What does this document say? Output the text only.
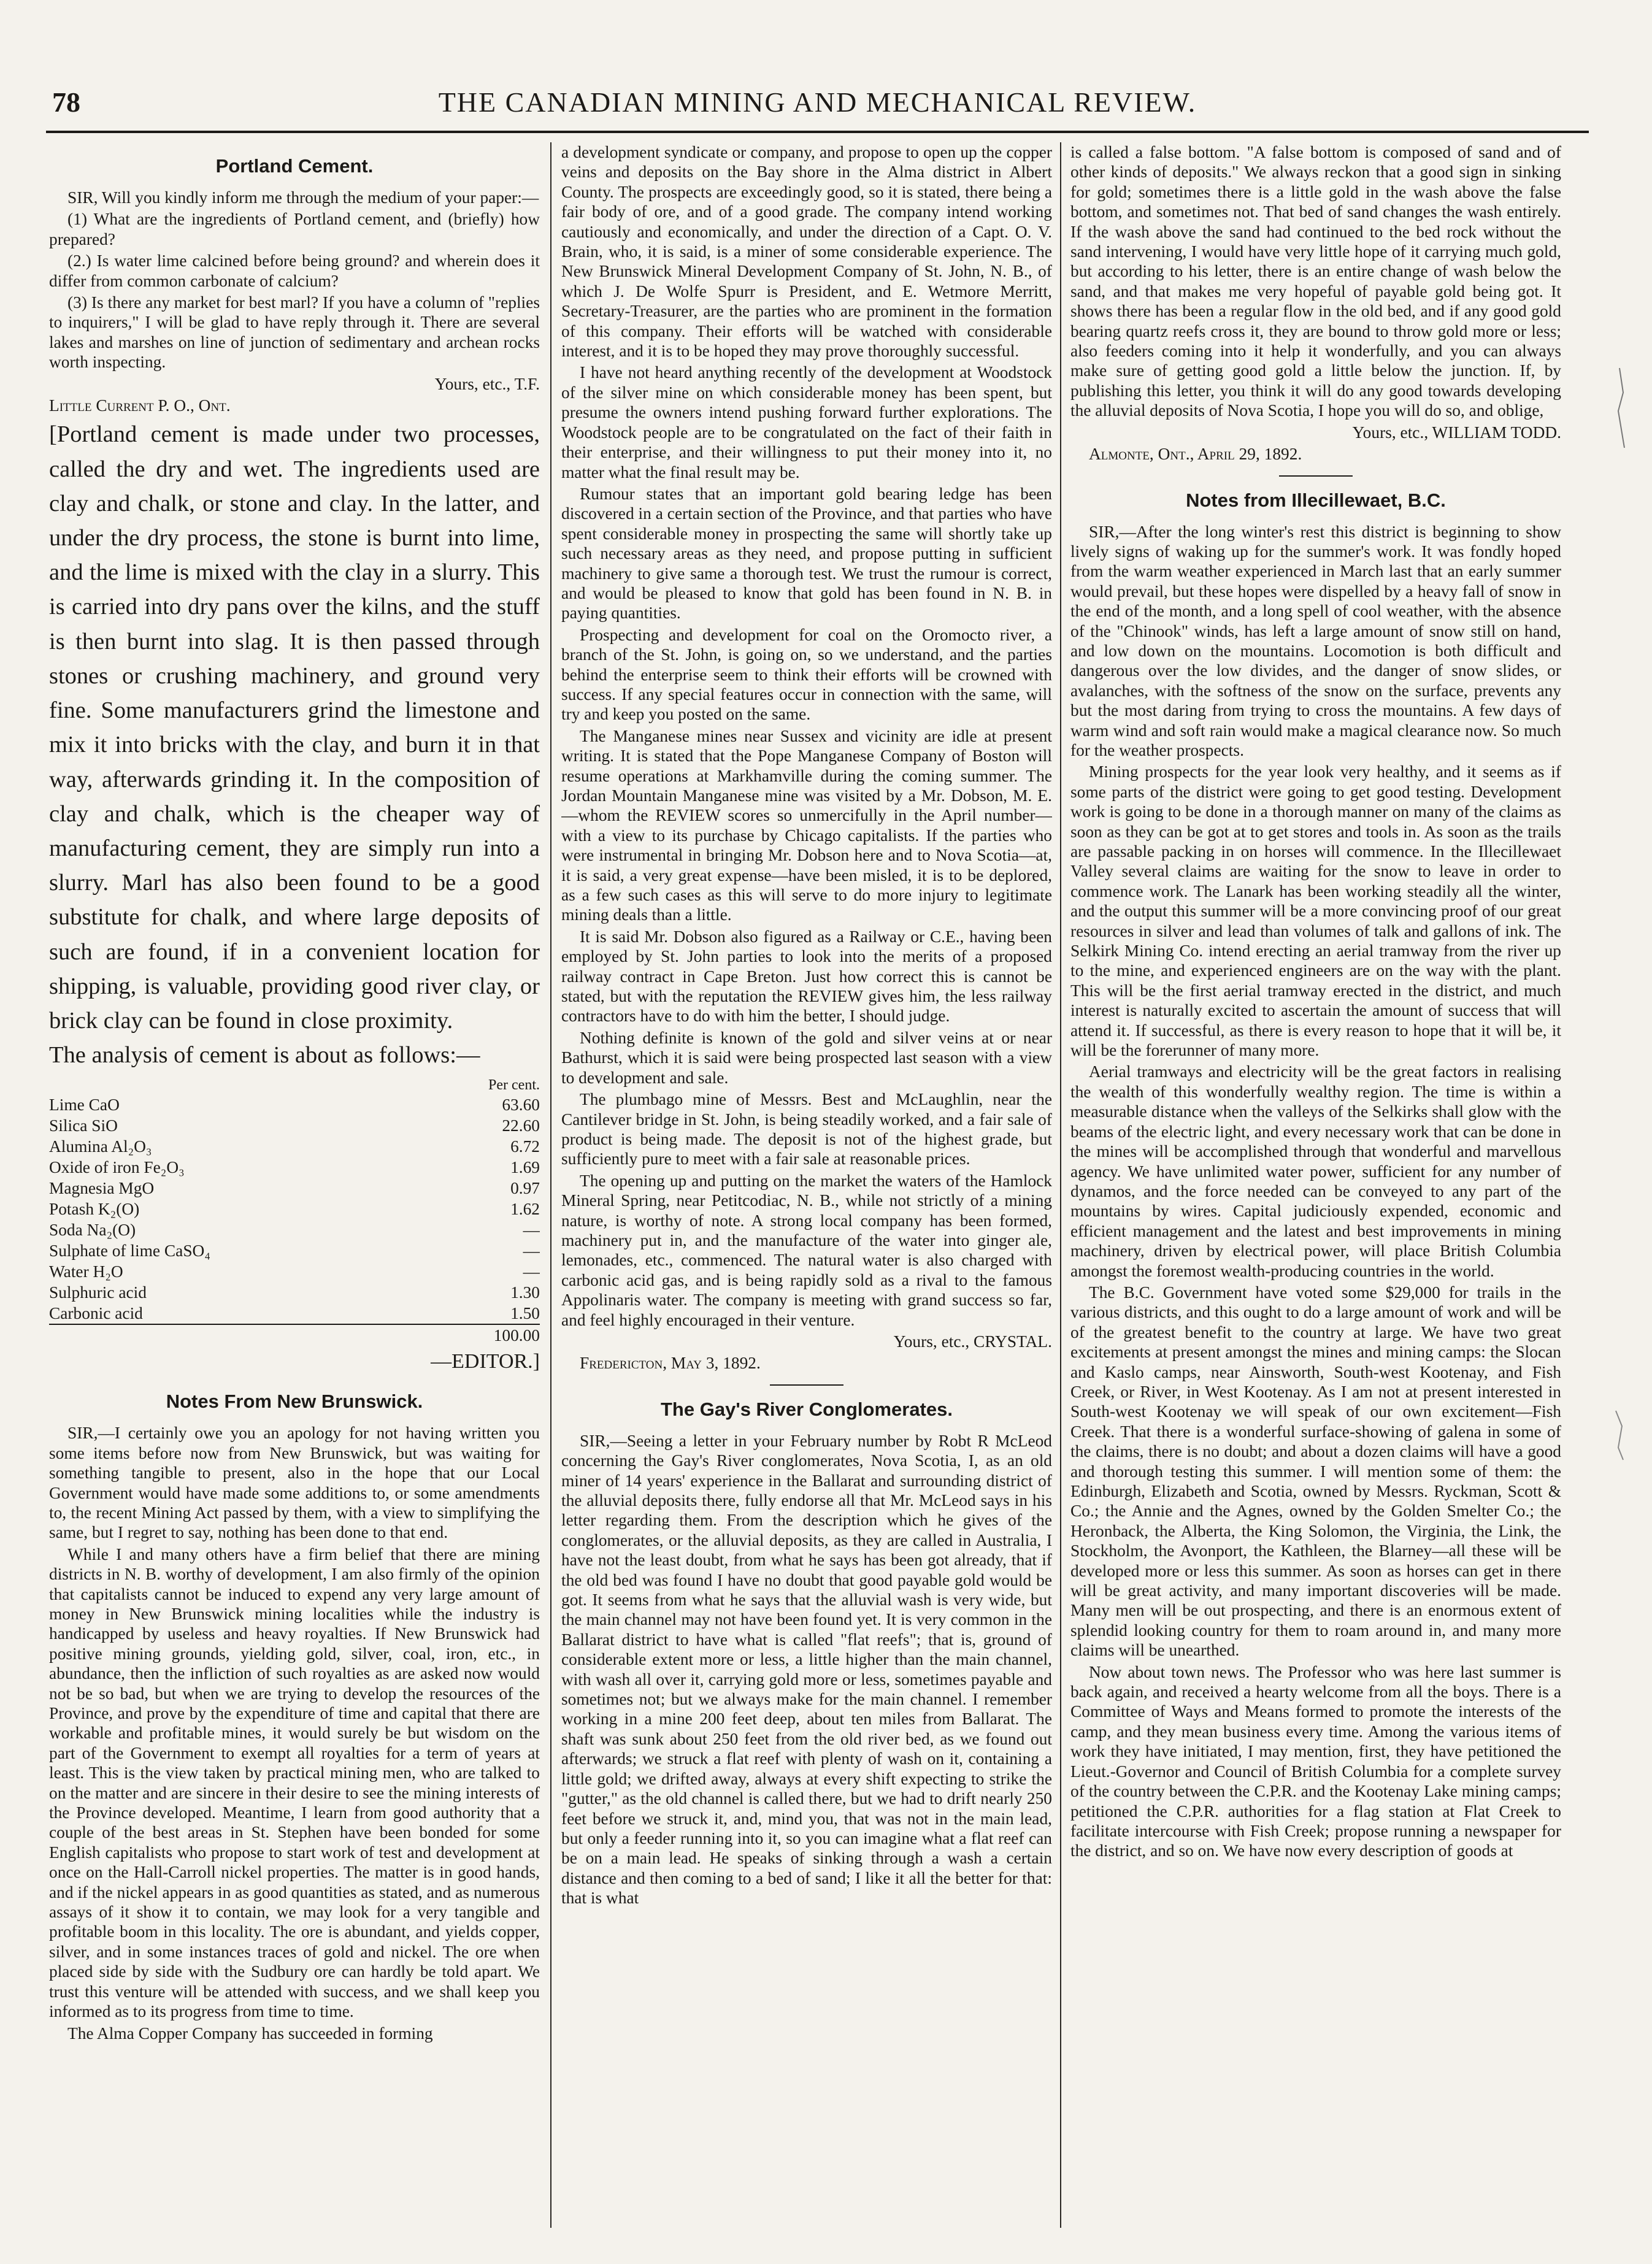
78	THE CANADIAN MINING AND MECHANICAL REVIEW.
Portland Cement.

SIR, Will you kindly inform me through the medium of your paper:—

(1) What are the ingredients of Portland cement, and (briefly) how prepared?

(2.) Is water lime calcined before being ground? and wherein does it differ from common carbonate of calcium?

(3) Is there any market for best marl? If you have a column of "replies to inquirers," I will be glad to have reply through it. There are several lakes and marshes on line of junction of sedimentary and archean rocks worth inspecting.

Yours, etc., T.F.

Little Current P. O., Ont.

[Portland cement is made under two processes, called the dry and wet. The ingredients used are clay and chalk, or stone and clay. In the latter, and under the dry process, the stone is burnt into lime, and the lime is mixed with the clay in a slurry. This is carried into dry pans over the kilns, and the stuff is then burnt into slag. It is then passed through stones or crushing machinery, and ground very fine. Some manufacturers grind the limestone and mix it into bricks with the clay, and burn it in that way, afterwards grinding it. In the composition of clay and chalk, which is the cheaper way of manufacturing cement, they are simply run into a slurry. Marl has also been found to be a good substitute for chalk, and where large deposits of such are found, if in a convenient location for shipping, is valuable, providing good river clay, or brick clay can be found in close proximity.

The analysis of cement is about as follows:—
Per cent.
Lime CaO	63.60
Silica SiO	22.60
Alumina Al₂O₃	6.72
Oxide of iron Fe₂O₃	1.69
Magnesia MgO	0.97
Potash K₂(O)	1.62
Soda Na₂(O)	—
Sulphate of lime CaSO₄	—
Water H₂O	—
Sulphuric acid	1.30
Carbonic acid	1.50
	100.00
—EDITOR.]
Notes From New Brunswick.

SIR,—I certainly owe you an apology for not having written you some items before now from New Brunswick, but was waiting for something tangible to present, also in the hope that our Local Government would have made some additions to, or some amendments to, the recent Mining Act passed by them, with a view to simplifying the same, but I regret to say, nothing has been done to that end.

While I and many others have a firm belief that there are mining districts in N. B. worthy of development, I am also firmly of the opinion that capitalists cannot be induced to expend any very large amount of money in New Brunswick mining localities while the industry is handicapped by useless and heavy royalties. If New Brunswick had positive mining grounds, yielding gold, silver, coal, iron, etc., in abundance, then the infliction of such royalties as are asked now would not be so bad, but when we are trying to develop the resources of the Province, and prove by the expenditure of time and capital that there are workable and profitable mines, it would surely be but wisdom on the part of the Government to exempt all royalties for a term of years at least. This is the view taken by practical mining men, who are talked to on the matter and are sincere in their desire to see the mining interests of the Province developed. Meantime, I learn from good authority that a couple of the best areas in St. Stephen have been bonded for some English capitalists who propose to start work of test and development at once on the Hall-Carroll nickel properties. The matter is in good hands, and if the nickel appears in as good quantities as stated, and as numerous assays of it show it to contain, we may look for a very tangible and profitable boom in this locality. The ore is abundant, and yields copper, silver, and in some instances traces of gold and nickel. The ore when placed side by side with the Sudbury ore can hardly be told apart. We trust this venture will be attended with success, and we shall keep you informed as to its progress from time to time.

The Alma Copper Company has succeeded in forming

a development syndicate or company, and propose to open up the copper veins and deposits on the Bay shore in the Alma district in Albert County. The prospects are exceedingly good, so it is stated, there being a fair body of ore, and of a good grade. The company intend working cautiously and economically, and under the direction of a Capt. O. V. Brain, who, it is said, is a miner of some considerable experience. The New Brunswick Mineral Development Company of St. John, N. B., of which J. De Wolfe Spurr is President, and E. Wetmore Merritt, Secretary-Treasurer, are the parties who are prominent in the formation of this company. Their efforts will be watched with considerable interest, and it is to be hoped they may prove thoroughly successful.

I have not heard anything recently of the development at Woodstock of the silver mine on which considerable money has been spent, but presume the owners intend pushing forward further explorations. The Woodstock people are to be congratulated on the fact of their faith in their enterprise, and their willingness to put their money into it, no matter what the final result may be.

Rumour states that an important gold bearing ledge has been discovered in a certain section of the Province, and that parties who have spent considerable money in prospecting the same will shortly take up such necessary areas as they need, and propose putting in sufficient machinery to give same a thorough test. We trust the rumour is correct, and would be pleased to know that gold has been found in N. B. in paying quantities.

Prospecting and development for coal on the Oromocto river, a branch of the St. John, is going on, so we understand, and the parties behind the enterprise seem to think their efforts will be crowned with success. If any special features occur in connection with the same, will try and keep you posted on the same.

The Manganese mines near Sussex and vicinity are idle at present writing. It is stated that the Pope Manganese Company of Boston will resume operations at Markhamville during the coming summer. The Jordan Mountain Manganese mine was visited by a Mr. Dobson, M. E.—whom the REVIEW scores so unmercifully in the April number—with a view to its purchase by Chicago capitalists. If the parties who were instrumental in bringing Mr. Dobson here and to Nova Scotia—at, it is said, a very great expense—have been misled, it is to be deplored, as a few such cases as this will serve to do more injury to legitimate mining deals than a little.

It is said Mr. Dobson also figured as a Railway or C.E., having been employed by St. John parties to look into the merits of a proposed railway contract in Cape Breton. Just how correct this is cannot be stated, but with the reputation the REVIEW gives him, the less railway contractors have to do with him the better, I should judge.

Nothing definite is known of the gold and silver veins at or near Bathurst, which it is said were being prospected last season with a view to development and sale.

The plumbago mine of Messrs. Best and McLaughlin, near the Cantilever bridge in St. John, is being steadily worked, and a fair sale of product is being made. The deposit is not of the highest grade, but sufficiently pure to meet with a fair sale at reasonable prices.

The opening up and putting on the market the waters of the Hamlock Mineral Spring, near Petitcodiac, N. B., while not strictly of a mining nature, is worthy of note. A strong local company has been formed, machinery put in, and the manufacture of the water into ginger ale, lemonades, etc., commenced. The natural water is also charged with carbonic acid gas, and is being rapidly sold as a rival to the famous Appolinaris water. The company is meeting with grand success so far, and feel highly encouraged in their venture.

Yours, etc., CRYSTAL.

Fredericton, May 3, 1892.

The Gay's River Conglomerates.

SIR,—Seeing a letter in your February number by Robt R McLeod concerning the Gay's River conglomerates, Nova Scotia, I, as an old miner of 14 years' experience in the Ballarat and surrounding district of the alluvial deposits there, fully endorse all that Mr. McLeod says in his letter regarding them. From the description which he gives of the conglomerates, or the alluvial deposits, as they are called in Australia, I have not the least doubt, from what he says has been got already, that if the old bed was found I have no doubt that good payable gold would be got. It seems from what he says that the alluvial wash is very wide, but the main channel may not have been found yet. It is very common in the Ballarat district to have what is called "flat reefs"; that is, ground of considerable extent more or less, a little higher than the main channel, with wash all over it, carrying gold more or less, sometimes payable and sometimes not; but we always make for the main channel. I remember working in a mine 200 feet deep, about ten miles from Ballarat. The shaft was sunk about 250 feet from the old river bed, as we found out afterwards; we struck a flat reef with plenty of wash on it, containing a little gold; we drifted away, always at every shift expecting to strike the "gutter," as the old channel is called there, but we had to drift nearly 250 feet before we struck it, and, mind you, that was not in the main lead, but only a feeder running into it, so you can imagine what a flat reef can be on a main lead. He speaks of sinking through a wash a certain distance and then coming to a bed of sand; I like it all the better for that: that is what

is called a false bottom. "A false bottom is composed of sand and of other kinds of deposits." We always reckon that a good sign in sinking for gold; sometimes there is a little gold in the wash above the false bottom, and sometimes not. That bed of sand changes the wash entirely. If the wash above the sand had continued to the bed rock without the sand intervening, I would have very little hope of it carrying much gold, but according to his letter, there is an entire change of wash below the sand, and that makes me very hopeful of payable gold being got. It shows there has been a regular flow in the old bed, and if any good gold bearing quartz reefs cross it, they are bound to throw gold more or less; also feeders coming into it help it wonderfully, and you can always make sure of getting good gold a little below the junction. If, by publishing this letter, you think it will do any good towards developing the alluvial deposits of Nova Scotia, I hope you will do so, and oblige,

Yours, etc., WILLIAM TODD.

Almonte, Ont., April 29, 1892.

Notes from Illecillewaet, B.C.

SIR,—After the long winter's rest this district is beginning to show lively signs of waking up for the summer's work. It was fondly hoped from the warm weather experienced in March last that an early summer would prevail, but these hopes were dispelled by a heavy fall of snow in the end of the month, and a long spell of cool weather, with the absence of the "Chinook" winds, has left a large amount of snow still on hand, and low down on the mountains. Locomotion is both difficult and dangerous over the low divides, and the danger of snow slides, or avalanches, with the softness of the snow on the surface, prevents any but the most daring from trying to cross the mountains. A few days of warm wind and soft rain would make a magical clearance now. So much for the weather prospects.

Mining prospects for the year look very healthy, and it seems as if some parts of the district were going to get good testing. Development work is going to be done in a thorough manner on many of the claims as soon as they can be got at to get stores and tools in. As soon as the trails are passable packing in on horses will commence. In the Illecillewaet Valley several claims are waiting for the snow to leave in order to commence work. The Lanark has been working steadily all the winter, and the output this summer will be a more convincing proof of our great resources in silver and lead than volumes of talk and gallons of ink. The Selkirk Mining Co. intend erecting an aerial tramway from the river up to the mine, and experienced engineers are on the way with the plant. This will be the first aerial tramway erected in the district, and much interest is naturally excited to ascertain the amount of success that will attend it. If successful, as there is every reason to hope that it will be, it will be the forerunner of many more.

Aerial tramways and electricity will be the great factors in realising the wealth of this wonderfully wealthy region. The time is within a measurable distance when the valleys of the Selkirks shall glow with the beams of the electric light, and every necessary work that can be done in the mines will be accomplished through that wonderful and marvellous agency. We have unlimited water power, sufficient for any number of dynamos, and the force needed can be conveyed to any part of the mountains by wires. Capital judiciously expended, economic and efficient management and the latest and best improvements in mining machinery, driven by electrical power, will place British Columbia amongst the foremost wealth-producing countries in the world.

The B.C. Government have voted some $29,000 for trails in the various districts, and this ought to do a large amount of work and will be of the greatest benefit to the country at large. We have two great excitements at present amongst the mines and mining camps: the Slocan and Kaslo camps, near Ainsworth, South-west Kootenay, and Fish Creek, or River, in West Kootenay. As I am not at present interested in South-west Kootenay we will speak of our own excitement—Fish Creek. That there is a wonderful surface-showing of galena in some of the claims, there is no doubt; and about a dozen claims will have a good and thorough testing this summer. I will mention some of them: the Edinburgh, Elizabeth and Scotia, owned by Messrs. Ryckman, Scott & Co.; the Annie and the Agnes, owned by the Golden Smelter Co.; the Heronback, the Alberta, the King Solomon, the Virginia, the Link, the Stockholm, the Avonport, the Kathleen, the Blarney—all these will be developed more or less this summer. As soon as horses can get in there will be great activity, and many important discoveries will be made. Many men will be out prospecting, and there is an enormous extent of splendid looking country for them to roam around in, and many more claims will be unearthed.

Now about town news. The Professor who was here last summer is back again, and received a hearty welcome from all the boys. There is a Committee of Ways and Means formed to promote the interests of the camp, and they mean business every time. Among the various items of work they have initiated, I may mention, first, they have petitioned the Lieut.-Governor and Council of British Columbia for a complete survey of the country between the C.P.R. and the Kootenay Lake mining camps; petitioned the C.P.R. authorities for a flag station at Flat Creek to facilitate intercourse with Fish Creek; propose running a newspaper for the district, and so on. We have now every description of goods at
